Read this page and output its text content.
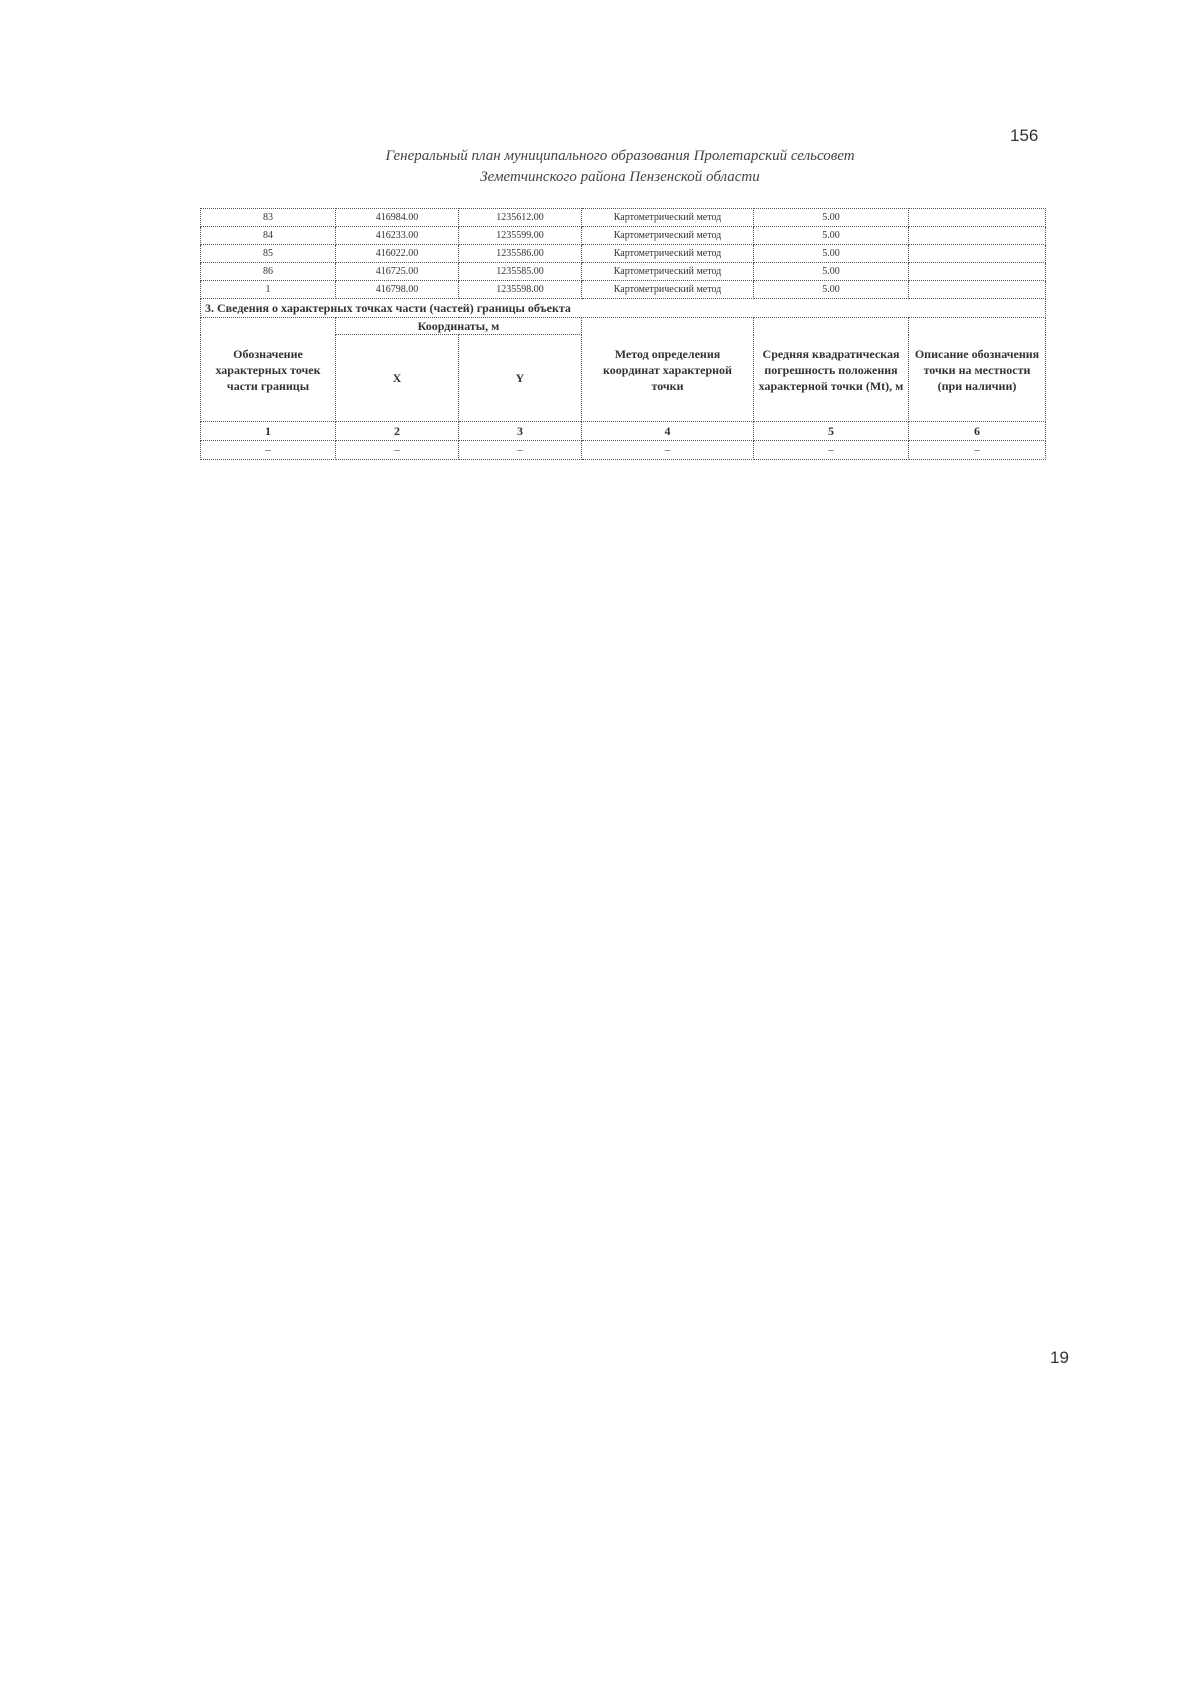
156
Генеральный план муниципального образования Пролетарский сельсовет
Земетчинского района Пензенской области
83	416984.00	1235612.00	Картометрический метод	5.00	
84	416233.00	1235599.00	Картометрический метод	5.00	
85	416022.00	1235586.00	Картометрический метод	5.00	
86	416725.00	1235585.00	Картометрический метод	5.00	
1	416798.00	1235598.00	Картометрический метод	5.00	
3. Сведения о характерных точках части (частей) границы объекта					
Обозначение характерных точек части границы	Координаты, м		Метод определения координат характерной точки	Средняя квадратическая погрешность положения характерной точки (Mt), м	Описание обозначения точки на местности (при наличии)
	X	Y			
1	2	3	4	5	6
–	–	–	–	–	–
19
